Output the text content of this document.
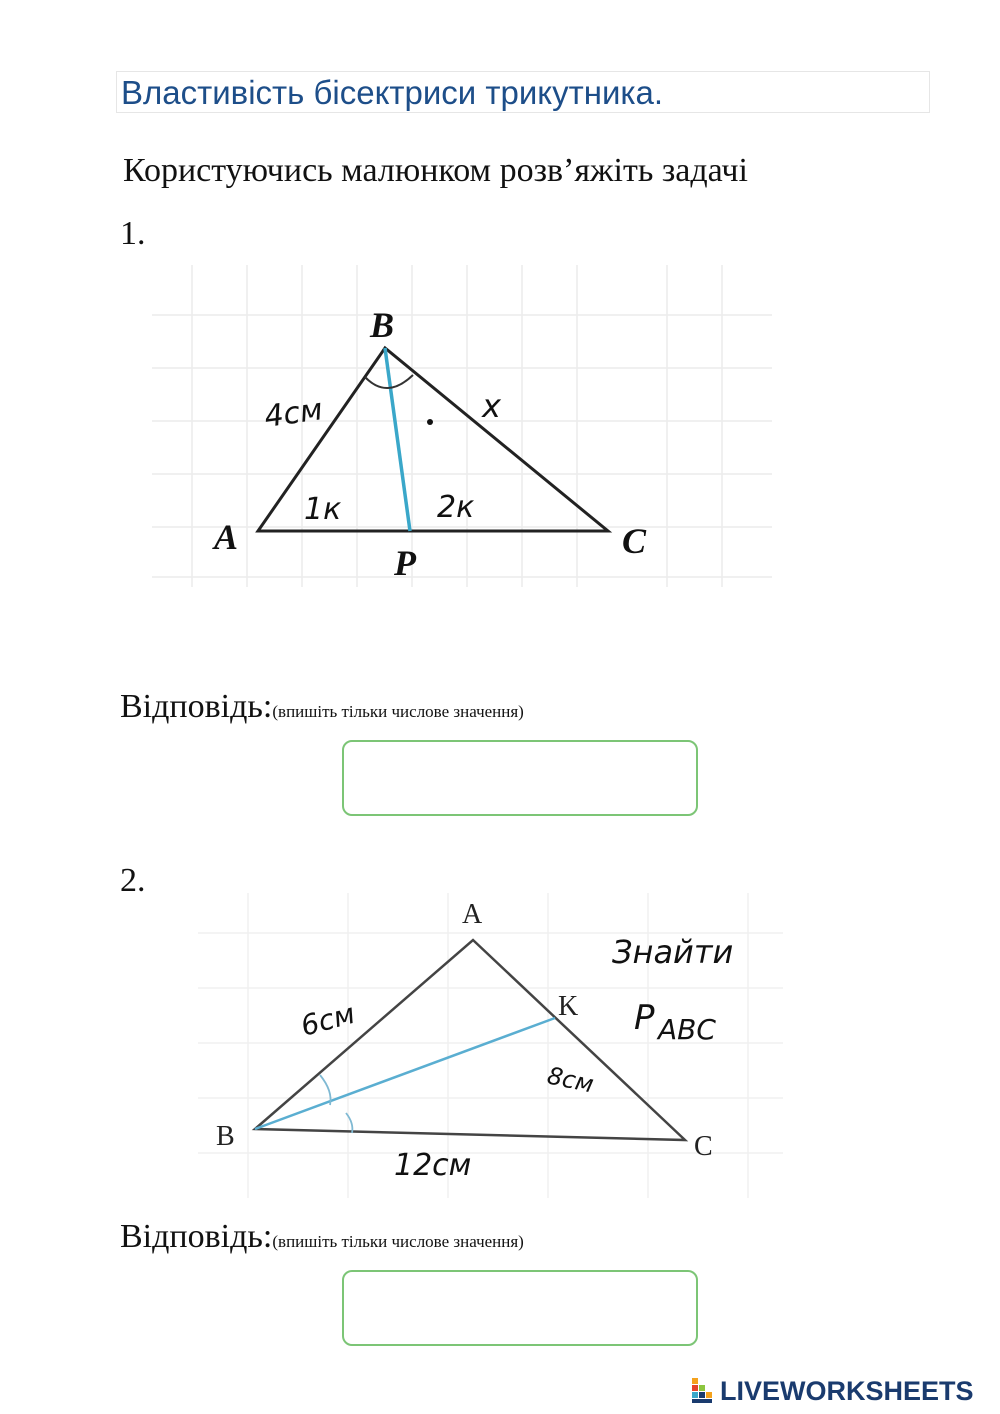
Властивість бісектриси трикутника.
Користуючись малюнком розв’яжіть задачі
1.
B
A	C
P
4см	x
1к	2к
Відповідь:(впишіть тільки числове значення)
2.
A
B	C
K
6см
8см
12см
Знайти
P ABC
Відповідь:(впишіть тільки числове значення)
LIVEWORKSHEETS
